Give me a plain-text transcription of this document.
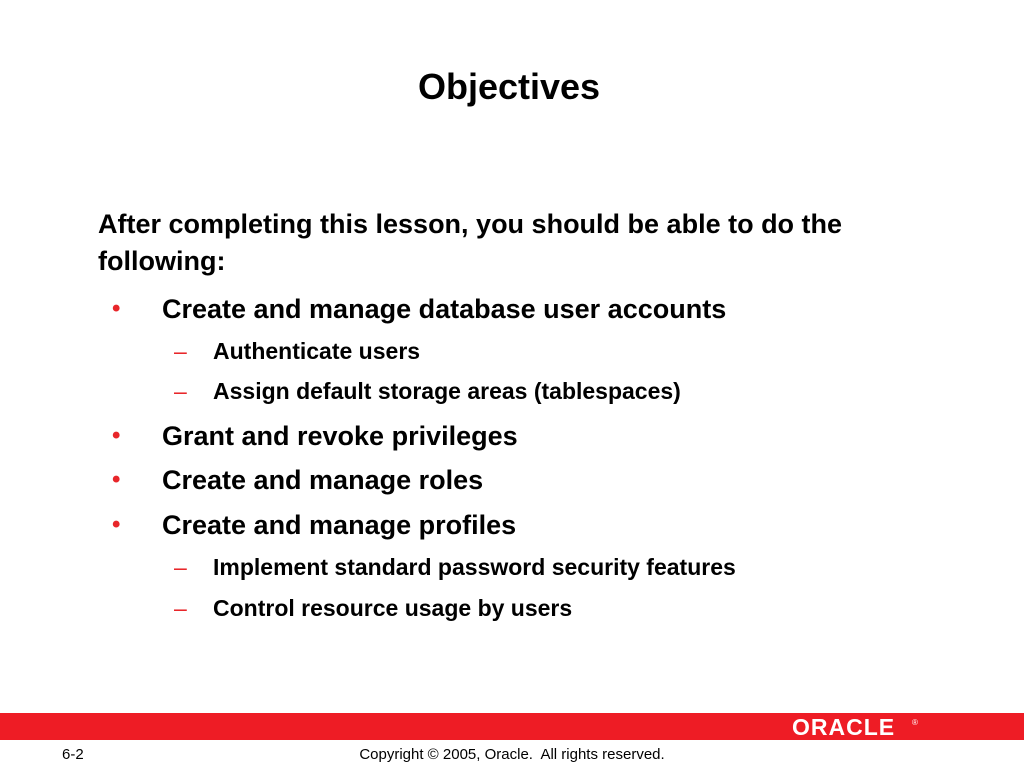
Objectives
After completing this lesson, you should be able to do the following:
• Create and manage database user accounts
– Authenticate users
– Assign default storage areas (tablespaces)
• Grant and revoke privileges
• Create and manage roles
• Create and manage profiles
– Implement standard password security features
– Control resource usage by users
ORACLE ®
6-2	Copyright © 2005, Oracle.  All rights reserved.
